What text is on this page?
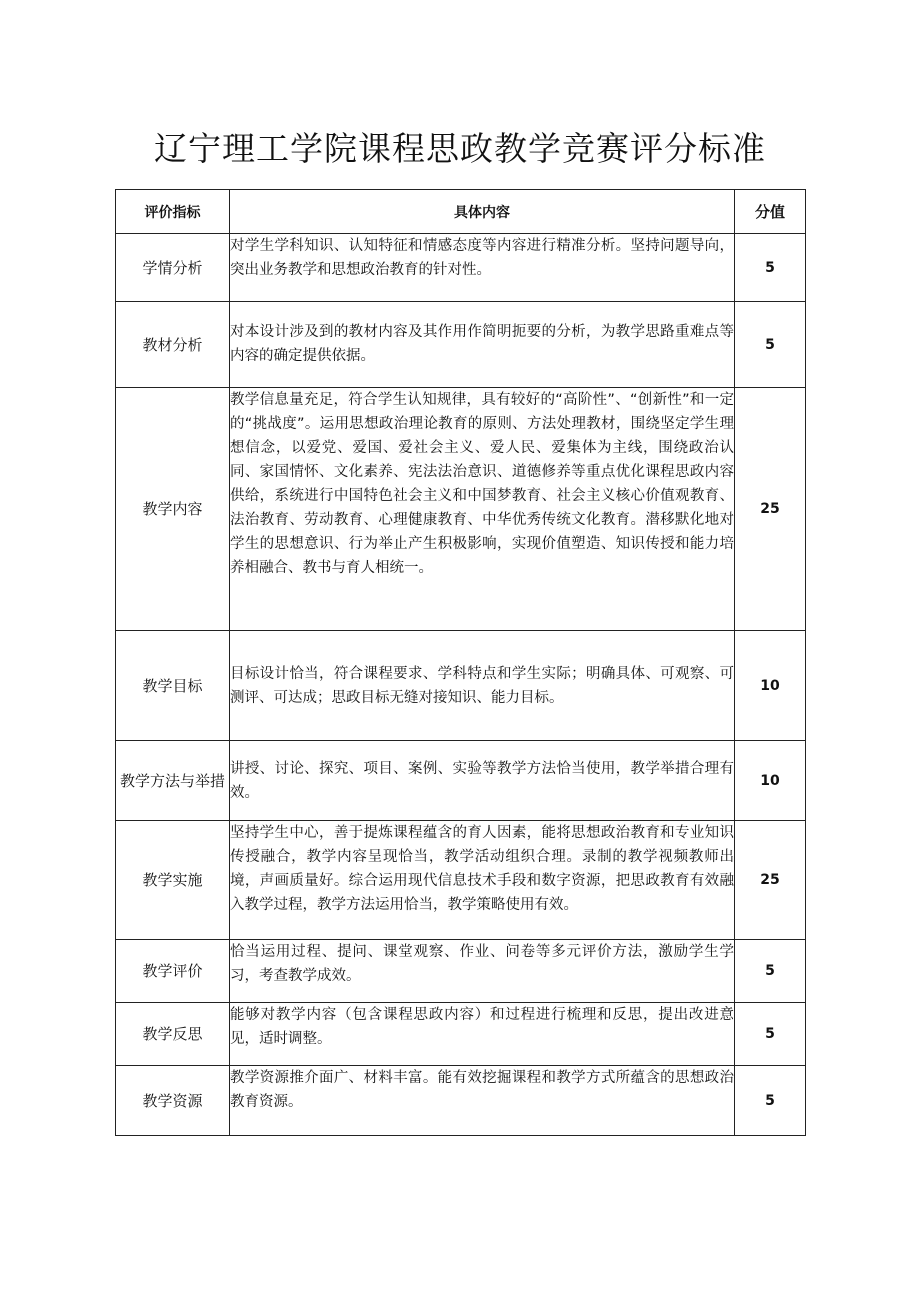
辽宁理工学院课程思政教学竞赛评分标准
评价指标	具体内容	分值
学情分析	对学生学科知识、认知特征和情感态度等内容进行精准分析。坚持问题导向，突出业务教学和思想政治教育的针对性。	5
教材分析	对本设计涉及到的教材内容及其作用作简明扼要的分析，为教学思路重难点等内容的确定提供依据。	5
教学内容	教学信息量充足，符合学生认知规律，具有较好的“高阶性”、“创新性”和一定的“挑战度”。运用思想政治理论教育的原则、方法处理教材，围绕坚定学生理想信念，以爱党、爱国、爱社会主义、爱人民、爱集体为主线，围绕政治认同、家国情怀、文化素养、宪法法治意识、道德修养等重点优化课程思政内容供给，系统进行中国特色社会主义和中国梦教育、社会主义核心价值观教育、法治教育、劳动教育、心理健康教育、中华优秀传统文化教育。潜移默化地对学生的思想意识、行为举止产生积极影响，实现价值塑造、知识传授和能力培养相融合、教书与育人相统一。	25
教学目标	目标设计恰当，符合课程要求、学科特点和学生实际；明确具体、可观察、可测评、可达成；思政目标无缝对接知识、能力目标。	10
教学方法与举措	讲授、讨论、探究、项目、案例、实验等教学方法恰当使用，教学举措合理有效。	10
教学实施	坚持学生中心，善于提炼课程蕴含的育人因素，能将思想政治教育和专业知识传授融合，教学内容呈现恰当，教学活动组织合理。录制的教学视频教师出境，声画质量好。综合运用现代信息技术手段和数字资源，把思政教育有效融入教学过程，教学方法运用恰当，教学策略使用有效。	25
教学评价	恰当运用过程、提问、课堂观察、作业、问卷等多元评价方法，激励学生学习，考查教学成效。	5
教学反思	能够对教学内容（包含课程思政内容）和过程进行梳理和反思，提出改进意见，适时调整。	5
教学资源	教学资源推介面广、材料丰富。能有效挖掘课程和教学方式所蕴含的思想政治教育资源。	5
